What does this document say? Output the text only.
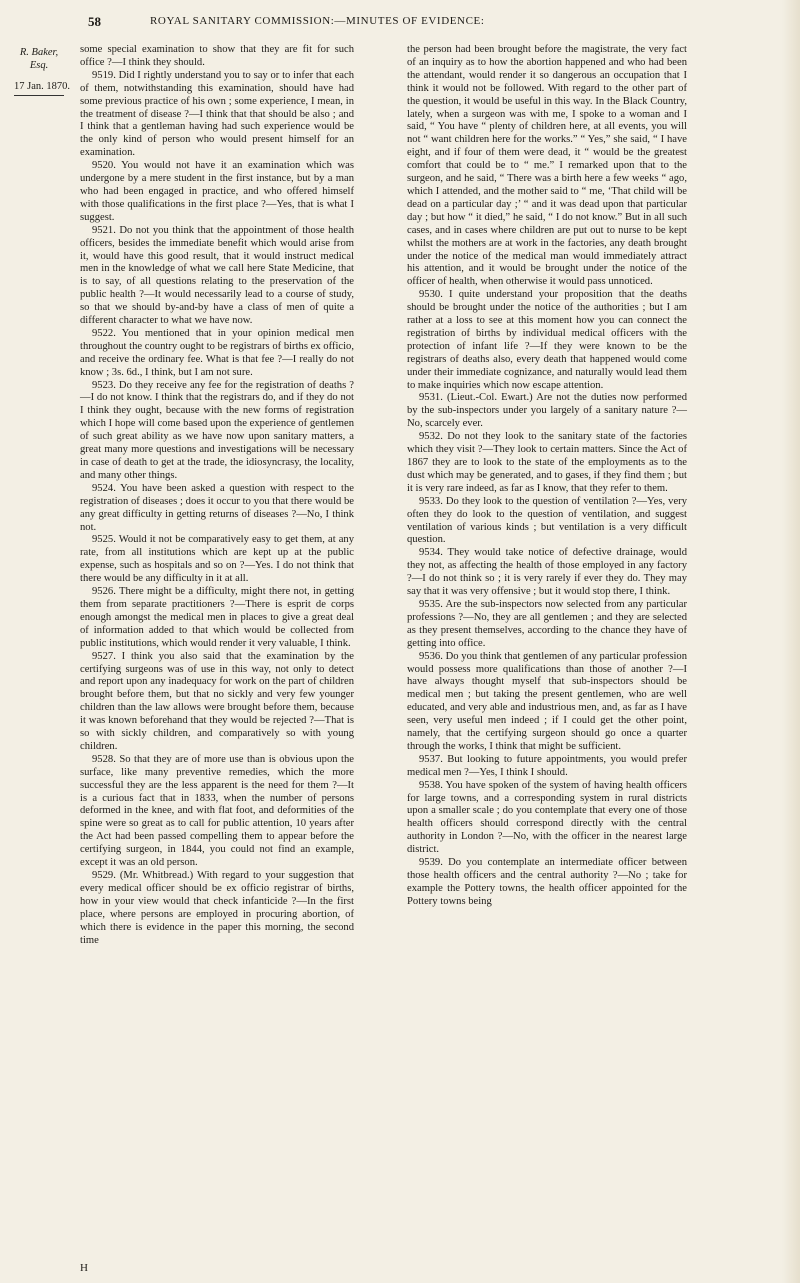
58	ROYAL SANITARY COMMISSION:—MINUTES OF EVIDENCE:
R. Baker, Esq.
17 Jan. 1870.

some special examination to show that they are fit for such office ?—I think they should.

9519. Did I rightly understand you to say or to infer that each of them, notwithstanding this examination, should have had some previous practice of his own ; some experience, I mean, in the treatment of disease ?—I think that that should be also ; and I think that a gentleman having had such experience would be the only kind of person who would present himself for an examination.

9520. You would not have it an examination which was undergone by a mere student in the first instance, but by a man who had been engaged in practice, and who offered himself with those qualifications in the first place ?—Yes, that is what I suggest.

9521. Do not you think that the appointment of those health officers, besides the immediate benefit which would arise from it, would have this good result, that it would instruct medical men in the knowledge of what we call here State Medicine, that is to say, of all questions relating to the preservation of the public health ?—It would necessarily lead to a course of study, so that we should by-and-by have a class of men of quite a different character to what we have now.

9522. You mentioned that in your opinion medical men throughout the country ought to be registrars of births ex officio, and receive the ordinary fee. What is that fee ?—I really do not know ; 3s. 6d., I think, but I am not sure.

9523. Do they receive any fee for the registration of deaths ?—I do not know. I think that the registrars do, and if they do not I think they ought, because with the new forms of registration which I hope will come based upon the experience of gentlemen of such great ability as we have now upon sanitary matters, a great many more questions and investigations will be necessary in case of death to get at the trade, the idiosyncrasy, the locality, and many other things.

9524. You have been asked a question with respect to the registration of diseases ; does it occur to you that there would be any great difficulty in getting returns of diseases ?—No, I think not.

9525. Would it not be comparatively easy to get them, at any rate, from all institutions which are kept up at the public expense, such as hospitals and so on ?—Yes. I do not think that there would be any difficulty in it at all.

9526. There might be a difficulty, might there not, in getting them from separate practitioners ?—There is esprit de corps enough amongst the medical men in places to give a great deal of information added to that which would be collected from public institutions, which would render it very valuable, I think.

9527. I think you also said that the examination by the certifying surgeons was of use in this way, not only to detect and report upon any inadequacy for work on the part of children brought before them, but that no sickly and very few younger children than the law allows were brought before them, because it was known beforehand that they would be rejected ?—That is so with sickly children, and comparatively so with young children.

9528. So that they are of more use than is obvious upon the surface, like many preventive remedies, which the more successful they are the less apparent is the need for them ?—It is a curious fact that in 1833, when the number of persons deformed in the knee, and with flat foot, and deformities of the spine were so great as to call for public attention, 10 years after the Act had been passed compelling them to appear before the certifying surgeon, in 1844, you could not find an example, except it was an old person.

9529. (Mr. Whitbread.) With regard to your suggestion that every medical officer should be ex officio registrar of births, how in your view would that check infanticide ?—In the first place, where persons are employed in procuring abortion, of which there is evidence in the paper this morning, the second time

the person had been brought before the magistrate, the very fact of an inquiry as to how the abortion happened and who had been the attendant, would render it so dangerous an occupation that I think it would not be followed. With regard to the other part of the question, it would be useful in this way. In the Black Country, lately, when a surgeon was with me, I spoke to a woman and I said, “ You have “ plenty of children here, at all events, you will not “ want children here for the works.” “ Yes,” she said, “ I have eight, and if four of them were dead, it “ would be the greatest comfort that could be to “ me.” I remarked upon that to the surgeon, and he said, “ There was a birth here a few weeks “ ago, which I attended, and the mother said to “ me, ‘That child will be dead on a particular day ;’ “ and it was dead upon that particular day ; but how “ it died,” he said, “ I do not know.” But in all such cases, and in cases where children are put out to nurse to be kept whilst the mothers are at work in the factories, any death brought under the notice of the medical man would immediately attract his attention, and it would be brought under the notice of the officer of health, when otherwise it would pass unnoticed.

9530. I quite understand your proposition that the deaths should be brought under the notice of the authorities ; but I am rather at a loss to see at this moment how you can connect the registration of births by individual medical officers with the protection of infant life ?—If they were known to be the registrars of deaths also, every death that happened would come under their immediate cognizance, and naturally would lead them to make inquiries which now escape attention.

9531. (Lieut.-Col. Ewart.) Are not the duties now performed by the sub-inspectors under you largely of a sanitary nature ?—No, scarcely ever.

9532. Do not they look to the sanitary state of the factories which they visit ?—They look to certain matters. Since the Act of 1867 they are to look to the state of the employments as to the dust which may be generated, and to gases, if they find them ; but it is very rare indeed, as far as I know, that they refer to them.

9533. Do they look to the question of ventilation ?—Yes, very often they do look to the question of ventilation, and suggest ventilation of various kinds ; but ventilation is a very difficult question.

9534. They would take notice of defective drainage, would they not, as affecting the health of those employed in any factory ?—I do not think so ; it is very rarely if ever they do. They may say that it was very offensive ; but it would stop there, I think.

9535. Are the sub-inspectors now selected from any particular professions ?—No, they are all gentlemen ; and they are selected as they present themselves, according to the chance they have of getting into office.

9536. Do you think that gentlemen of any particular profession would possess more qualifications than those of another ?—I have always thought myself that sub-inspectors should be medical men ; but taking the present gentlemen, who are well educated, and very able and industrious men, and, as far as I have seen, very useful men indeed ; if I could get the other point, namely, that the certifying surgeon should go once a quarter through the works, I think that might be sufficient.

9537. But looking to future appointments, you would prefer medical men ?—Yes, I think I should.

9538. You have spoken of the system of having health officers for large towns, and a corresponding system in rural districts upon a smaller scale ; do you contemplate that every one of those health officers should correspond directly with the central authority in London ?—No, with the officer in the nearest large district.

9539. Do you contemplate an intermediate officer between those health officers and the central authority ?—No ; take for example the Pottery towns, the health officer appointed for the Pottery towns being

H
